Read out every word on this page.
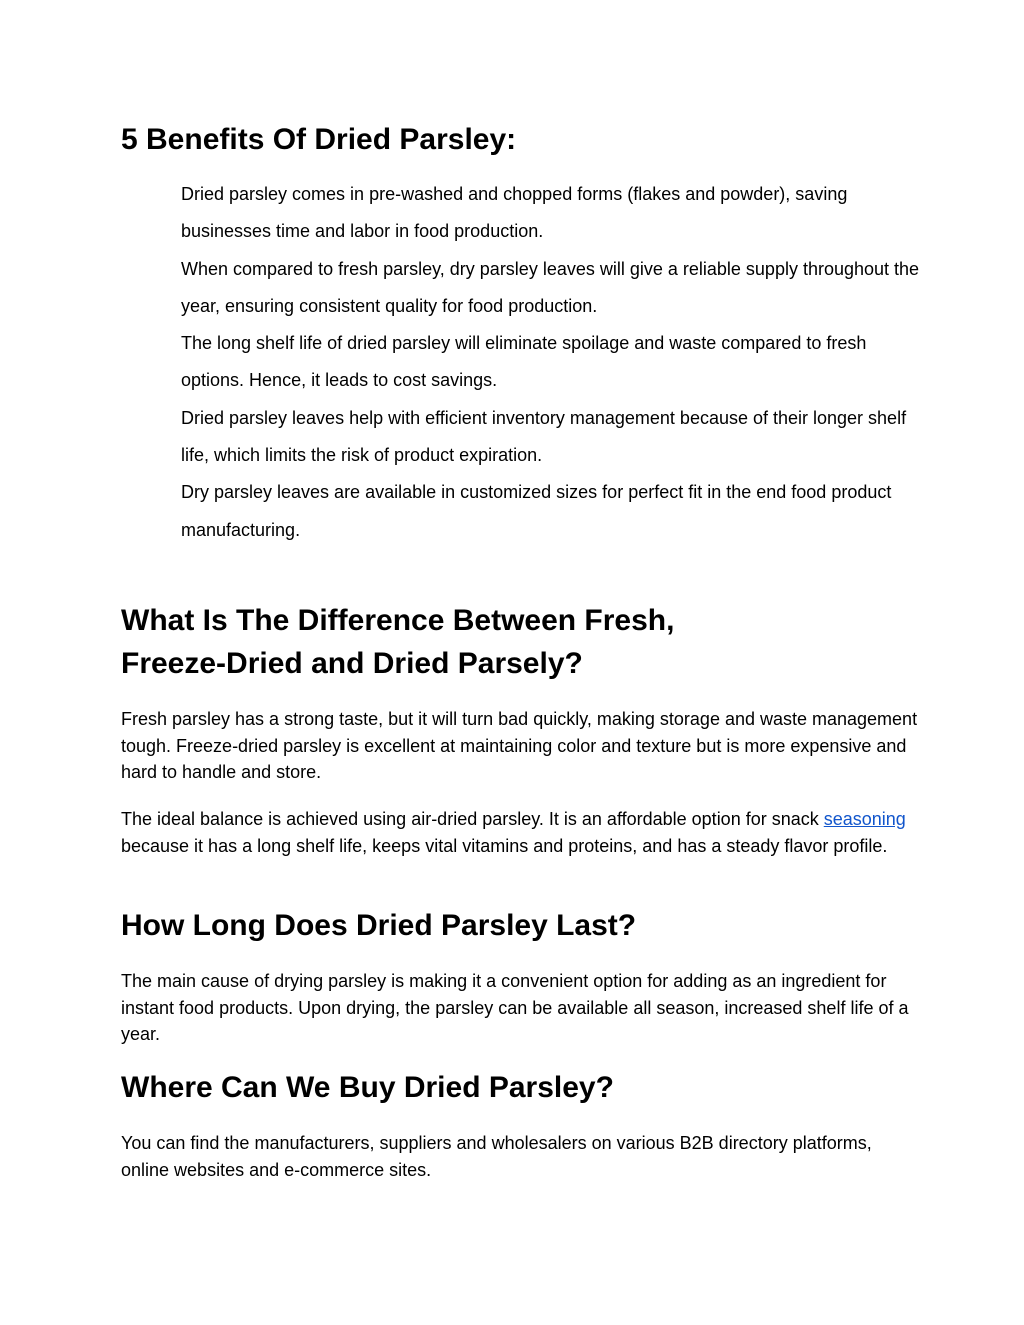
5 Benefits Of Dried Parsley:
Dried parsley comes in pre-washed and chopped forms (flakes and powder), saving businesses time and labor in food production.
When compared to fresh parsley, dry parsley leaves will give a reliable supply throughout the year, ensuring consistent quality for food production.
The long shelf life of dried parsley will eliminate spoilage and waste compared to fresh options. Hence, it leads to cost savings.
Dried parsley leaves help with efficient inventory management because of their longer shelf life, which limits the risk of product expiration.
Dry parsley leaves are available in customized sizes for perfect fit in the end food product manufacturing.
What Is The Difference Between Fresh,
Freeze-Dried and Dried Parsely?

Fresh parsley has a strong taste, but it will turn bad quickly, making storage and waste management tough. Freeze-dried parsley is excellent at maintaining color and texture but is more expensive and hard to handle and store.

The ideal balance is achieved using air-dried parsley. It is an affordable option for snack seasoning because it has a long shelf life, keeps vital vitamins and proteins, and has a steady flavor profile.

How Long Does Dried Parsley Last?

The main cause of drying parsley is making it a convenient option for adding as an ingredient for instant food products. Upon drying, the parsley can be available all season, increased shelf life of a year.

Where Can We Buy Dried Parsley?

You can find the manufacturers, suppliers and wholesalers on various B2B directory platforms, online websites and e-commerce sites.
